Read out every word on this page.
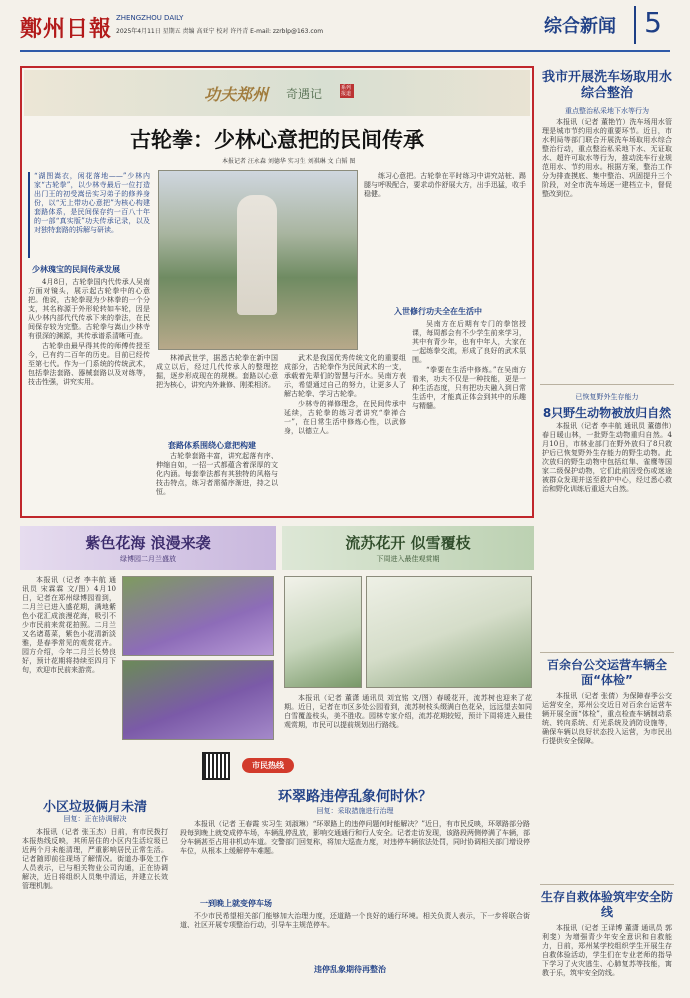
鄭州日報 ZHENGZHOU DAILY
2025年4月11日 星期五 责编 高亚宁 校对 许丹青 E-mail: zzrblp@163.com	综合新闻	5
功夫郑州 奇遇记	系列报道
古轮拳：少林心意把的民间传承
本报记者 汪永森 刘德华 实习生 刘祺琳 文 白韬 图
“湖图嵩衣，闲花落地——”少林内家“古轮拳”，以少林寺最后一位打造出门王的初受嵩岳实习弟子的修养身份，以“无上带功心意把”为核心构建套路体系，是民间保存约一百八十年的一部“真实版”功夫传承记录，以及对独特套路的拆解与研读。
少林瑰宝的民间传承发展

4月8日，古轮拳国内代传承人吴南方面对镜头，展示起古轮拳中的心意把。他说，古轮拳现为少林拳的一个分支，其名称源于外形轮转如车轮，因是从少林内部代代传承下来的拳法，在民间保存较为完整。古轮拳与嵩山少林寺有很深的渊源，其传承谱系清晰可查。

古轮拳由最早得其传的师傅传授至今，已有约二百年的历史。目前已经传至第七代。作为一门系统的传统武术，包括拳法套路、器械套路以及对练等，技击性强，讲究实用。

林禅武世学，据悉古轮拳在新中国成立以后，经过几代传承人的整理挖掘，逐步形成现在的规模。套路以心意把为核心，讲究内外兼修、刚柔相济。

套路体系围绕心意把构建

古轮拳套路丰富，讲究起落有序、伸缩自如，一招一式都蕴含着深厚的文化内涵。每套拳法都有其独特的风格与技击特点，练习者需循序渐进，持之以恒。

武术是我国优秀传统文化的重要组成部分，古轮拳作为民间武术的一支，承载着先辈们的智慧与汗水。吴南方表示，希望通过自己的努力，让更多人了解古轮拳、学习古轮拳。

少林寺的禅修理念，在民间传承中延续，古轮拳的练习者讲究“拳禅合一”，在日常生活中修炼心性，以武修身，以德立人。

练习心意把。古轮拳在平时练习中讲究站桩、踢腿与呼吸配合，要求动作舒展大方，出手迅猛，收手稳健。

入世修行功夫全在生活中

吴南方在后期有专门的拳馆授课，每周都会有不少学生前来学习，其中有青少年，也有中年人，大家在一起练拳交流，形成了良好的武术氛围。

“拳要在生活中修炼。”在吴南方看来，功夫不仅是一种技能，更是一种生活态度，只有把功夫融入到日常生活中，才能真正体会到其中的乐趣与精髓。

我市开展洗车场取用水综合整治
重点整治私采地下水等行为

本报讯（记者 董艳竹）洗车场用水管理是城市节约用水的重要环节。近日，市水利局等部门联合开展洗车场取用水综合整治行动，重点整治私采地下水、无证取水、超许可取水等行为，推动洗车行业规范用水、节约用水。根据方案，整治工作分为排查摸底、集中整治、巩固提升三个阶段，对全市洗车场逐一建档立卡，督促整改到位。

已恢复野外生存能力
8只野生动物被放归自然

本报讯（记者 李丰航 通讯员 董德伟）春日暖山林，一批野生动物重归自然。4月10日，市林业部门在野外放归了8只救护后已恢复野外生存能力的野生动物。此次放归的野生动物中包括红隼、雀鹰等国家二级保护动物，它们此前因受伤或迷途被群众发现并送至救护中心，经过悉心救治和野化训练后重返大自然。

百余台公交运营车辆全面“体检”

本报讯（记者 张倩）为保障春季公交运营安全，郑州公交近日对百余台运营车辆开展全面“体检”，重点检查车辆制动系统、转向系统、灯光系统及消防设施等，确保车辆以良好状态投入运营，为市民出行提供安全保障。

生存自救体验筑牢安全防线

本报讯（记者 王译博 董潇 通讯员 郭利斐）为增强青少年安全意识和自救能力，日前，郑州某学校组织学生开展生存自救体验活动，学生们在专业老师的指导下学习了火灾逃生、心肺复苏等技能，寓教于乐，筑牢安全防线。

紫色花海 浪漫来袭
绿博园二月兰盛放

本报讯（记者 李丰航 通讯员 宋霖霖 文/图）4月10日，记者在郑州绿博园看到，二月兰已进入盛花期，满地紫色小花汇成浪漫花海，吸引不少市民前来赏花拍照。二月兰又名诸葛菜，紫色小花清新淡雅，是春季常见的观赏花卉。园方介绍，今年二月兰长势良好，预计花期将持续至四月下旬，欢迎市民前来游赏。

流苏花开 似雪覆枝
下周进入最佳观赏期

本报讯（记者 董潇 通讯员 刘宜铭 文/图）春暖花开，流苏树也迎来了花期。近日，记者在市区多处公园看到，流苏树枝头缀满白色花朵，远远望去如同白雪覆盖枝头，美不胜收。园林专家介绍，流苏花期较短，预计下周将进入最佳观赏期，市民可以提前规划出行路线。

市民热线
小区垃圾俩月未清
回复：正在协调解决

本报讯（记者 张玉杰）日前，有市民拨打本报热线反映，其所居住的小区内生活垃圾已近两个月未能清理，严重影响居民正常生活。记者随即前往现场了解情况。街道办事处工作人员表示，已与相关物业公司沟通，正在协调解决，近日将组织人员集中清运，并建立长效管理机制。

环翠路违停乱象何时休？
回复：采取措施进行治理

本报讯（记者 王春霞 实习生 刘淑琳）“环翠路上的违停问题何时能解决？”近日，有市民反映，环翠路部分路段每到晚上就变成停车场，车辆乱停乱放，影响交通通行和行人安全。记者走访发现，该路段两侧停满了车辆，部分车辆甚至占用非机动车道。交警部门回复称，将加大巡查力度，对违停车辆依法处罚，同时协调相关部门增设停车位，从根本上缓解停车难题。

一到晚上就变停车场
违停乱象期待再整治

不少市民希望相关部门能够加大治理力度，还道路一个良好的通行环境。相关负责人表示，下一步将联合街道、社区开展专项整治行动，引导车主规范停车。
